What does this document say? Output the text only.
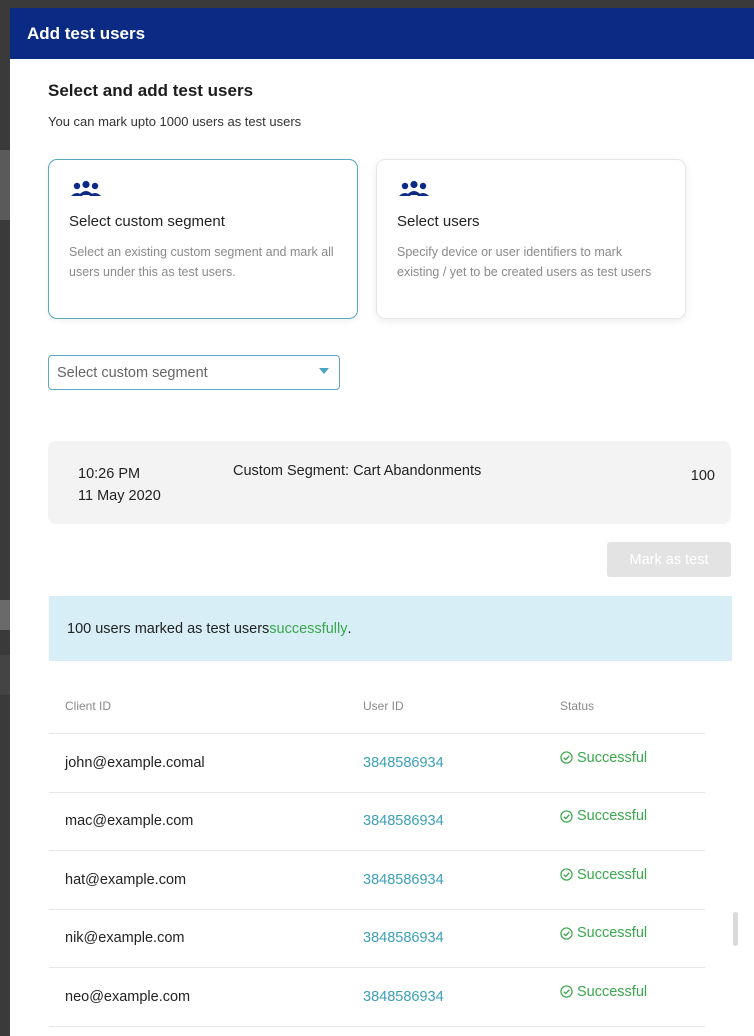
Add test users
Select and add test users
You can mark upto 1000 users as test users
Select custom segment
Select an existing custom segment and mark all users under this as test users.
Select users
Specify device or user identifiers to mark existing / yet to be created users as test users
Select custom segment
10:26 PM
11 May 2020
Custom Segment: Cart Abandonments	100
Mark as test
100 users marked as test users successfully .
Client ID	User ID	Status
john@example.comal	3848586934	Successful
mac@example.com	3848586934	Successful
hat@example.com	3848586934	Successful
nik@example.com	3848586934	Successful
neo@example.com	3848586934	Successful
